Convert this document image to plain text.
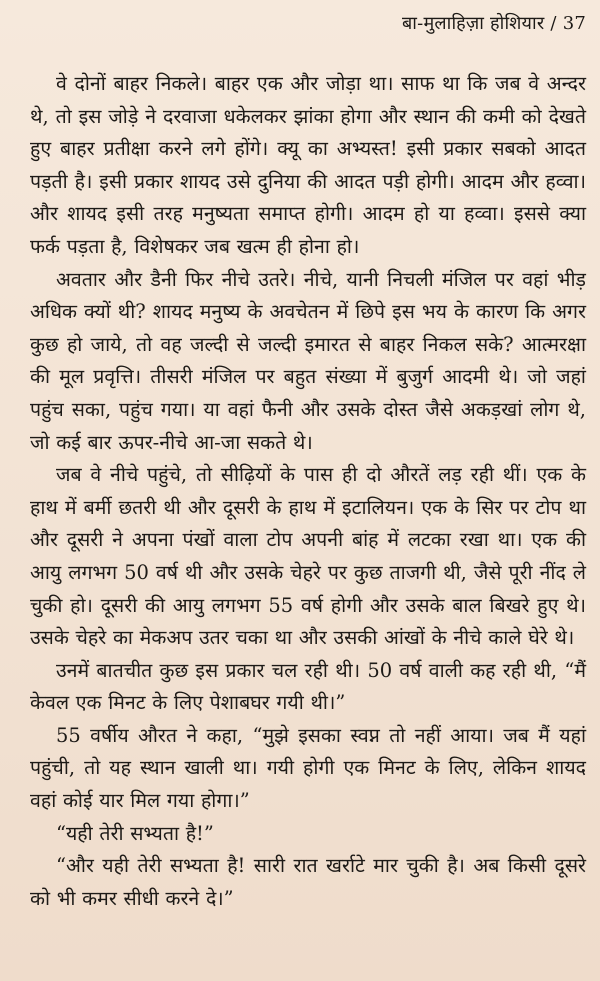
बा-मुलाहिज़ा होशियार / 37

वे दोनों बाहर निकले। बाहर एक और जोड़ा था। साफ था कि जब वे अन्दर थे, तो इस जोड़े ने दरवाजा धकेलकर झांका होगा और स्थान की कमी को देखते हुए बाहर प्रतीक्षा करने लगे होंगे। क्यू का अभ्यस्त! इसी प्रकार सबको आदत पड़ती है। इसी प्रकार शायद उसे दुनिया की आदत पड़ी होगी। आदम और हव्वा। और शायद इसी तरह मनुष्यता समाप्त होगी। आदम हो या हव्वा। इससे क्या फर्क पड़ता है, विशेषकर जब खत्म ही होना हो।

अवतार और डैनी फिर नीचे उतरे। नीचे, यानी निचली मंजिल पर वहां भीड़ अधिक क्यों थी? शायद मनुष्य के अवचेतन में छिपे इस भय के कारण कि अगर कुछ हो जाये, तो वह जल्दी से जल्दी इमारत से बाहर निकल सके? आत्मरक्षा की मूल प्रवृत्ति। तीसरी मंजिल पर बहुत संख्या में बुजुर्ग आदमी थे। जो जहां पहुंच सका, पहुंच गया। या वहां फैनी और उसके दोस्त जैसे अकड़खां लोग थे, जो कई बार ऊपर-नीचे आ-जा सकते थे।

जब वे नीचे पहुंचे, तो सीढ़ियों के पास ही दो औरतें लड़ रही थीं। एक के हाथ में बर्मी छतरी थी और दूसरी के हाथ में इटालियन। एक के सिर पर टोप था और दूसरी ने अपना पंखों वाला टोप अपनी बांह में लटका रखा था। एक की आयु लगभग 50 वर्ष थी और उसके चेहरे पर कुछ ताजगी थी, जैसे पूरी नींद ले चुकी हो। दूसरी की आयु लगभग 55 वर्ष होगी और उसके बाल बिखरे हुए थे। उसके चेहरे का मेकअप उतर चका था और उसकी आंखों के नीचे काले घेरे थे।

उनमें बातचीत कुछ इस प्रकार चल रही थी। 50 वर्ष वाली कह रही थी, “मैं केवल एक मिनट के लिए पेशाबघर गयी थी।”

55 वर्षीय औरत ने कहा, “मुझे इसका स्वप्न तो नहीं आया। जब मैं यहां पहुंची, तो यह स्थान खाली था। गयी होगी एक मिनट के लिए, लेकिन शायद वहां कोई यार मिल गया होगा।”

“यही तेरी सभ्यता है!”

“और यही तेरी सभ्यता है! सारी रात खर्राटे मार चुकी है। अब किसी दूसरे को भी कमर सीधी करने दे।”
